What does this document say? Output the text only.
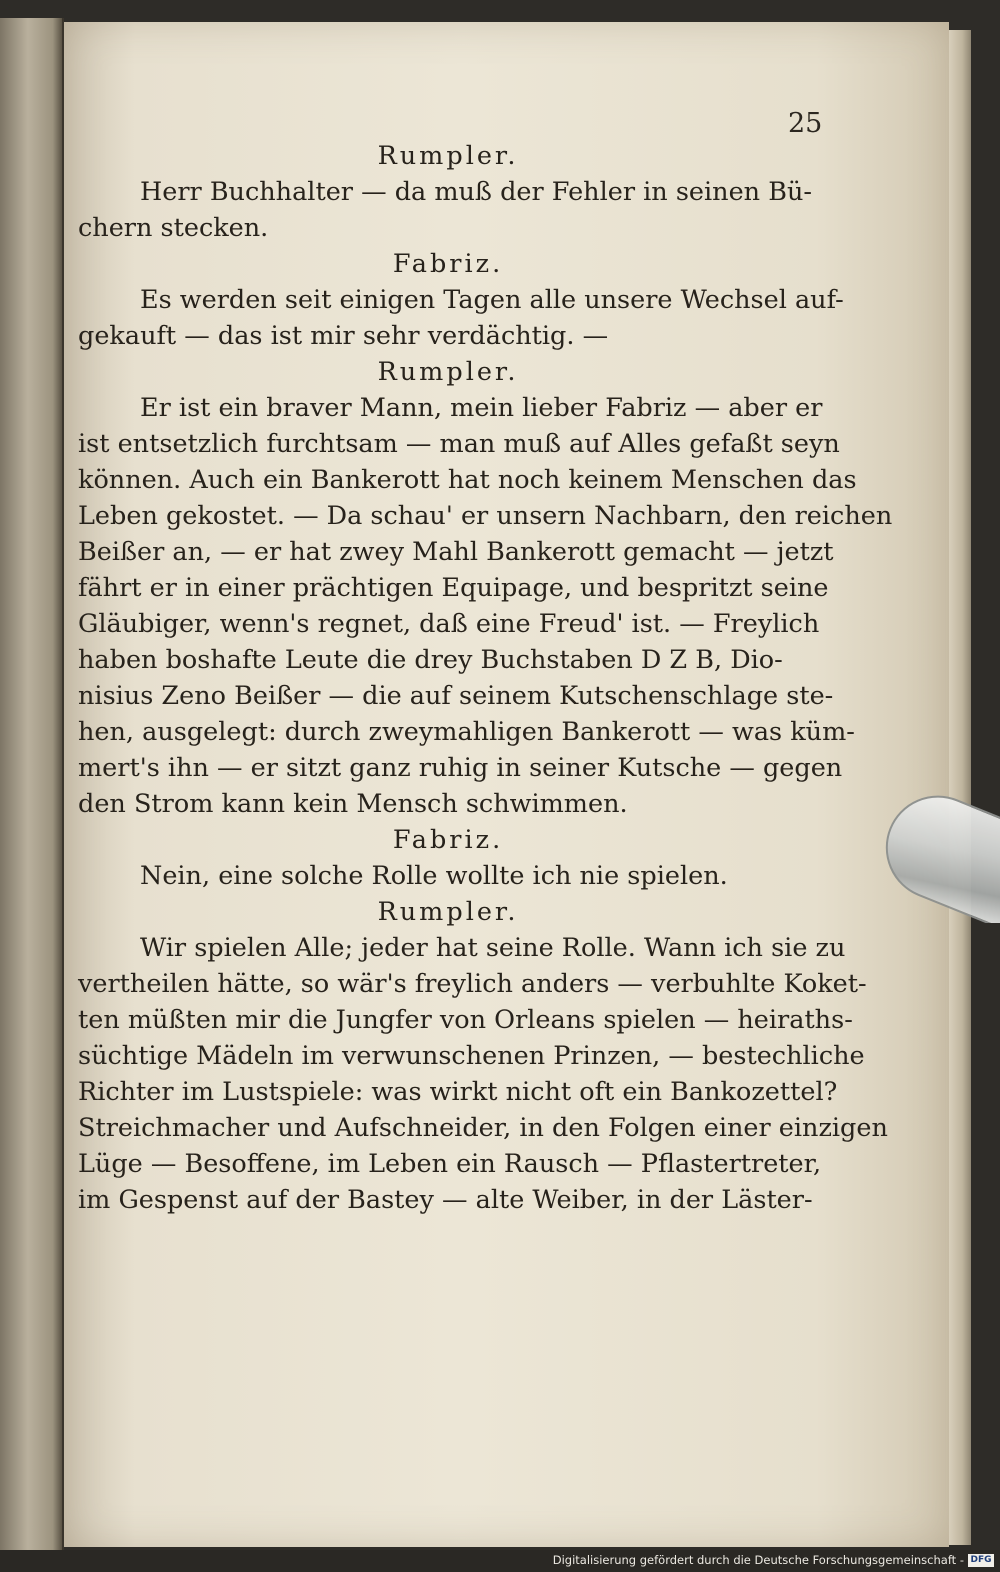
25
Rumpler.
Herr Buchhalter — da muß der Fehler in seinen Bü-
chern stecken.
Fabriz.
Es werden seit einigen Tagen alle unsere Wechsel auf-
gekauft — das ist mir sehr verdächtig. —
Rumpler.
Er ist ein braver Mann, mein lieber Fabriz — aber er
ist entsetzlich furchtsam — man muß auf Alles gefaßt seyn
können. Auch ein Bankerott hat noch keinem Menschen das
Leben gekostet. — Da schau' er unsern Nachbarn, den reichen
Beißer an, — er hat zwey Mahl Bankerott gemacht — jetzt
fährt er in einer prächtigen Equipage, und bespritzt seine
Gläubiger, wenn's regnet, daß eine Freud' ist. — Freylich
haben boshafte Leute die drey Buchstaben D Z B, Dio-
nisius Zeno Beißer — die auf seinem Kutschenschlage ste-
hen, ausgelegt: durch zweymahligen Bankerott — was küm-
mert's ihn — er sitzt ganz ruhig in seiner Kutsche — gegen
den Strom kann kein Mensch schwimmen.
Fabriz.
Nein, eine solche Rolle wollte ich nie spielen.
Rumpler.
Wir spielen Alle; jeder hat seine Rolle. Wann ich sie zu
vertheilen hätte, so wär's freylich anders — verbuhlte Koket-
ten müßten mir die Jungfer von Orleans spielen — heiraths-
süchtige Mädeln im verwunschenen Prinzen, — bestechliche
Richter im Lustspiele: was wirkt nicht oft ein Bankozettel?
Streichmacher und Aufschneider, in den Folgen einer einzigen
Lüge — Besoffene, im Leben ein Rausch — Pflastertreter,
im Gespenst auf der Bastey — alte Weiber, in der Läster-
Digitalisierung gefördert durch die Deutsche Forschungsgemeinschaft - DFG
